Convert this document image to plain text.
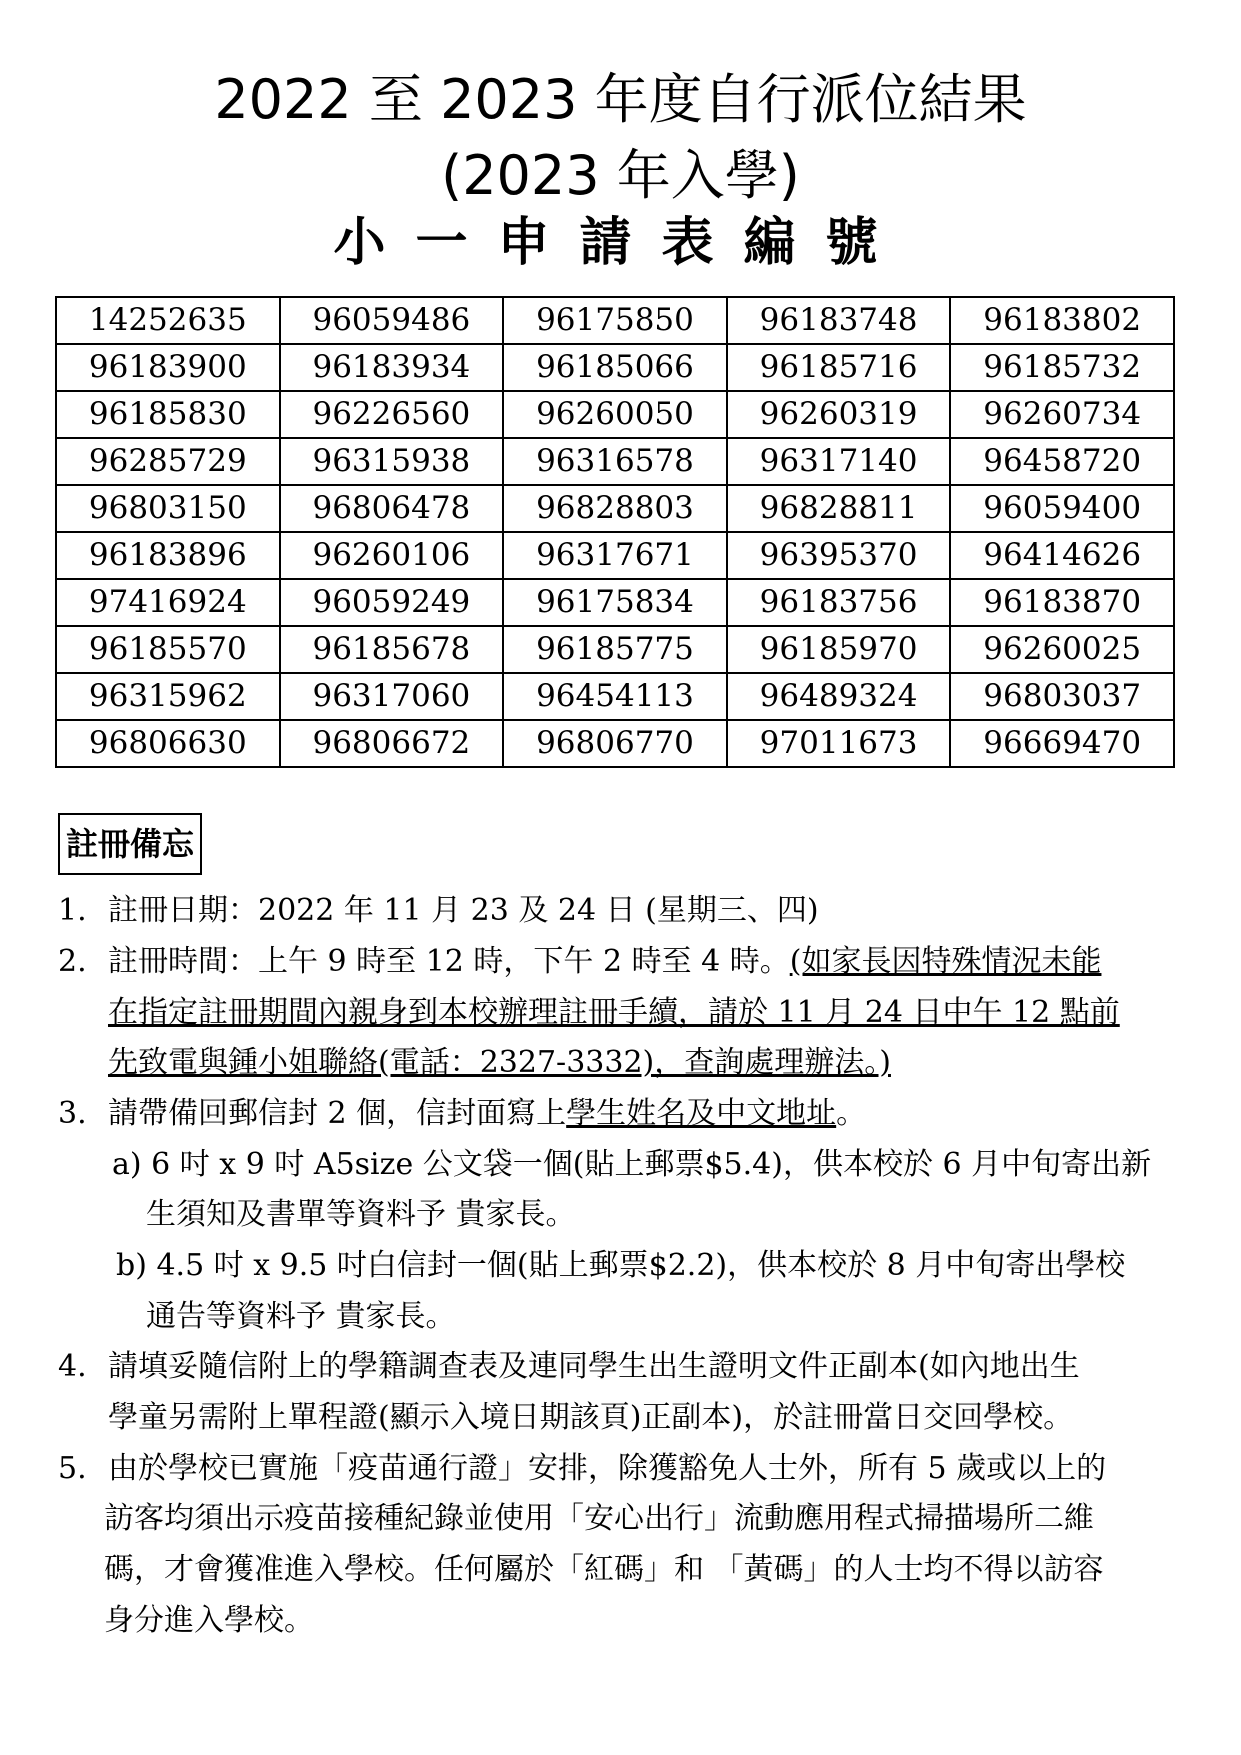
2022 至 2023 年度自行派位結果
(2023 年入學)
小一申請表編號
14252635	96059486	96175850	96183748	96183802
96183900	96183934	96185066	96185716	96185732
96185830	96226560	96260050	96260319	96260734
96285729	96315938	96316578	96317140	96458720
96803150	96806478	96828803	96828811	96059400
96183896	96260106	96317671	96395370	96414626
97416924	96059249	96175834	96183756	96183870
96185570	96185678	96185775	96185970	96260025
96315962	96317060	96454113	96489324	96803037
96806630	96806672	96806770	97011673	96669470
註冊備忘
1. 註冊日期：2022 年 11 月 23 及 24 日 (星期三、四)
2. 註冊時間：上午 9 時至 12 時，下午 2 時至 4 時。(如家長因特殊情況未能
在指定註冊期間內親身到本校辦理註冊手續，請於 11 月 24 日中午 12 點前
先致電與鍾小姐聯絡(電話：2327-3332)，查詢處理辦法。)
3. 請帶備回郵信封 2 個，信封面寫上學生姓名及中文地址。
a) 6 吋 x 9 吋 A5size 公文袋一個(貼上郵票$5.4)，供本校於 6 月中旬寄出新
生須知及書單等資料予 貴家長。
b) 4.5 吋 x 9.5 吋白信封一個(貼上郵票$2.2)，供本校於 8 月中旬寄出學校
通告等資料予 貴家長。
4. 請填妥隨信附上的學籍調查表及連同學生出生證明文件正副本(如內地出生
學童另需附上單程證(顯示入境日期該頁)正副本)，於註冊當日交回學校。
5. 由於學校已實施「疫苗通行證」安排，除獲豁免人士外，所有 5 歲或以上的
訪客均須出示疫苗接種紀錄並使用「安心出行」流動應用程式掃描場所二維
碼，才會獲准進入學校。任何屬於「紅碼」和 「黃碼」的人士均不得以訪容
身分進入學校。
